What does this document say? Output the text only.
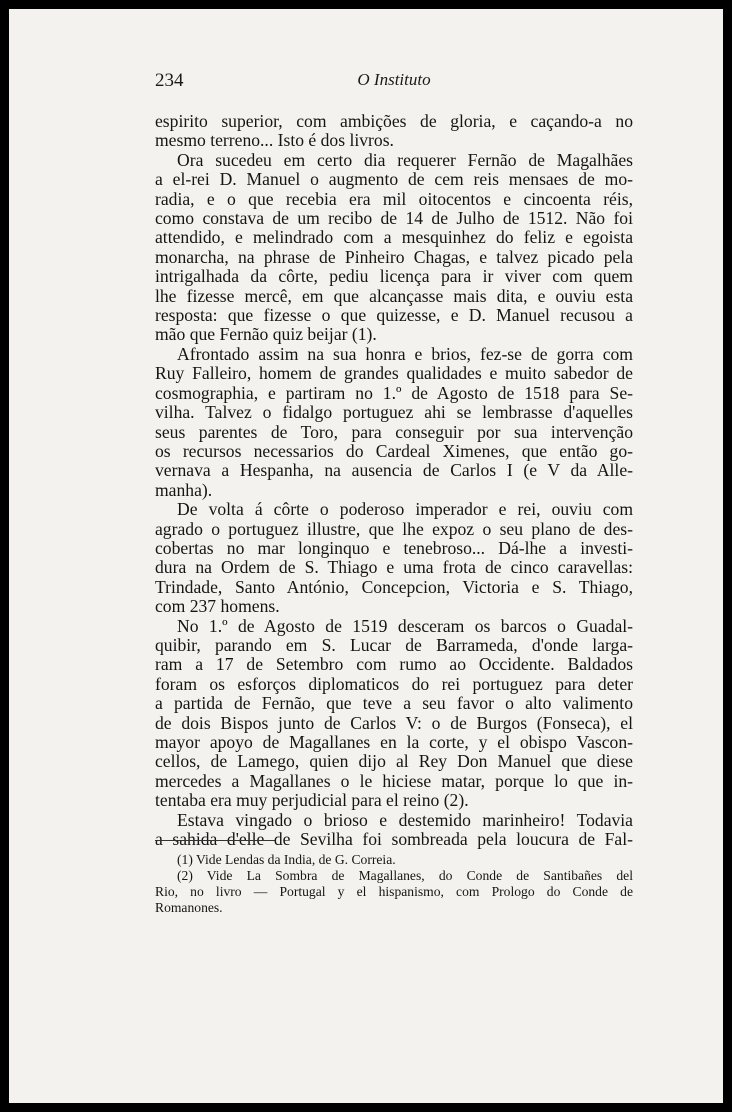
234	O Instituto
espirito superior, com ambições de gloria, e caçando-a no
mesmo terreno... Isto é dos livros.
Ora sucedeu em certo dia requerer Fernão de Magalhães
a el-rei D. Manuel o augmento de cem reis mensaes de mo-
radia, e o que recebia era mil oitocentos e cincoenta réis,
como constava de um recibo de 14 de Julho de 1512. Não foi
attendido, e melindrado com a mesquinhez do feliz e egoista
monarcha, na phrase de Pinheiro Chagas, e talvez picado pela
intrigalhada da côrte, pediu licença para ir viver com quem
lhe fizesse mercê, em que alcançasse mais dita, e ouviu esta
resposta: que fizesse o que quizesse, e D. Manuel recusou a
mão que Fernão quiz beijar (1).
Afrontado assim na sua honra e brios, fez-se de gorra com
Ruy Falleiro, homem de grandes qualidades e muito sabedor de
cosmographia, e partiram no 1.º de Agosto de 1518 para Se-
vilha. Talvez o fidalgo portuguez ahi se lembrasse d'aquelles
seus parentes de Toro, para conseguir por sua intervenção
os recursos necessarios do Cardeal Ximenes, que então go-
vernava a Hespanha, na ausencia de Carlos I (e V da Alle-
manha).
De volta á côrte o poderoso imperador e rei, ouviu com
agrado o portuguez illustre, que lhe expoz o seu plano de des-
cobertas no mar longinquo e tenebroso... Dá-lhe a investi-
dura na Ordem de S. Thiago e uma frota de cinco caravellas:
Trindade, Santo António, Concepcion, Victoria e S. Thiago,
com 237 homens.
No 1.º de Agosto de 1519 desceram os barcos o Guadal-
quibir, parando em S. Lucar de Barrameda, d'onde larga-
ram a 17 de Setembro com rumo ao Occidente. Baldados
foram os esforços diplomaticos do rei portuguez para deter
a partida de Fernão, que teve a seu favor o alto valimento
de dois Bispos junto de Carlos V: o de Burgos (Fonseca), el
mayor apoyo de Magallanes en la corte, y el obispo Vascon-
cellos, de Lamego, quien dijo al Rey Don Manuel que diese
mercedes a Magallanes o le hiciese matar, porque lo que in-
tentaba era muy perjudicial para el reino (2).
Estava vingado o brioso e destemido marinheiro! Todavia
a sahida d'elle de Sevilha foi sombreada pela loucura de Fal-
(1) Vide Lendas da India, de G. Correia.
(2) Vide La Sombra de Magallanes, do Conde de Santibañes del
Rio, no livro — Portugal y el hispanismo, com Prologo do Conde de
Romanones.
